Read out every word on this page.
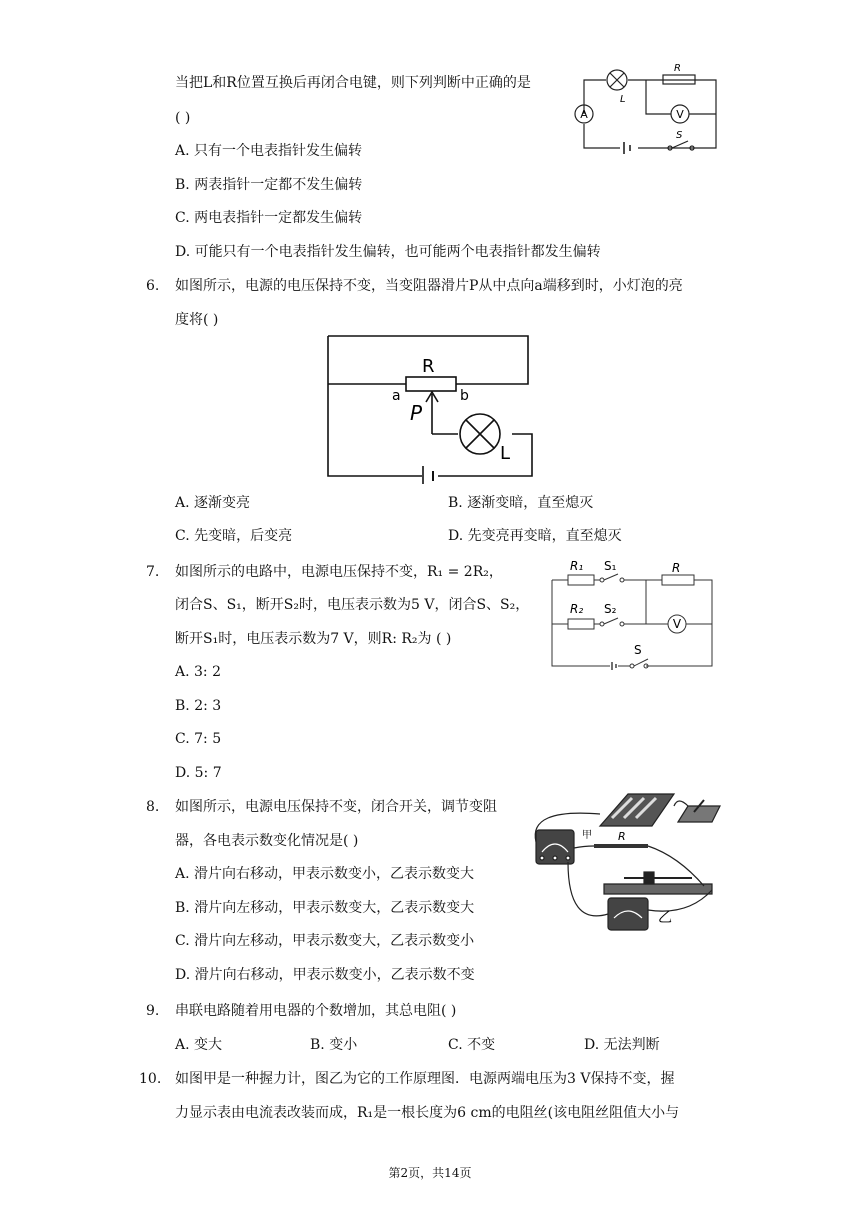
当把L和R位置互换后再闭合电键，则下列判断中正确的是
( )
A. 只有一个电表指针发生偏转
B. 两表指针一定都不发生偏转
C. 两电表指针一定都发生偏转
D. 可能只有一个电表指针发生偏转，也可能两个电表指针都发生偏转
A
L
R
V
S
6. 如图所示，电源的电压保持不变，当变阻器滑片P从中点向a端移到时，小灯泡的亮
度将( )
R
a	b
P
L
A. 逐渐变亮	B. 逐渐变暗，直至熄灭
C. 先变暗，后变亮	D. 先变亮再变暗，直至熄灭
7. 如图所示的电路中，电源电压保持不变，R₁ = 2R₂，
闭合S、S₁，断开S₂时，电压表示数为5 V，闭合S、S₂，
断开S₁时，电压表示数为7 V，则R: R₂为 ( )
A. 3: 2
B. 2: 3
C. 7: 5
D. 5: 7
R₁ S₁	R
R₂ S₂
V
S
8. 如图所示，电源电压保持不变，闭合开关，调节变阻
器，各电表示数变化情况是( )
A. 滑片向右移动，甲表示数变小，乙表示数变大
B. 滑片向左移动，甲表示数变大，乙表示数变大
C. 滑片向左移动，甲表示数变大，乙表示数变小
D. 滑片向右移动，甲表示数变小，乙表示数不变
甲 R
乙
9. 串联电路随着用电器的个数增加，其总电阻( )
A. 变大	B. 变小	C. 不变	D. 无法判断
10. 如图甲是一种握力计，图乙为它的工作原理图．电源两端电压为3 V保持不变，握
力显示表由电流表改装而成，R₁是一根长度为6 cm的电阻丝(该电阻丝阻值大小与
第2页，共14页
